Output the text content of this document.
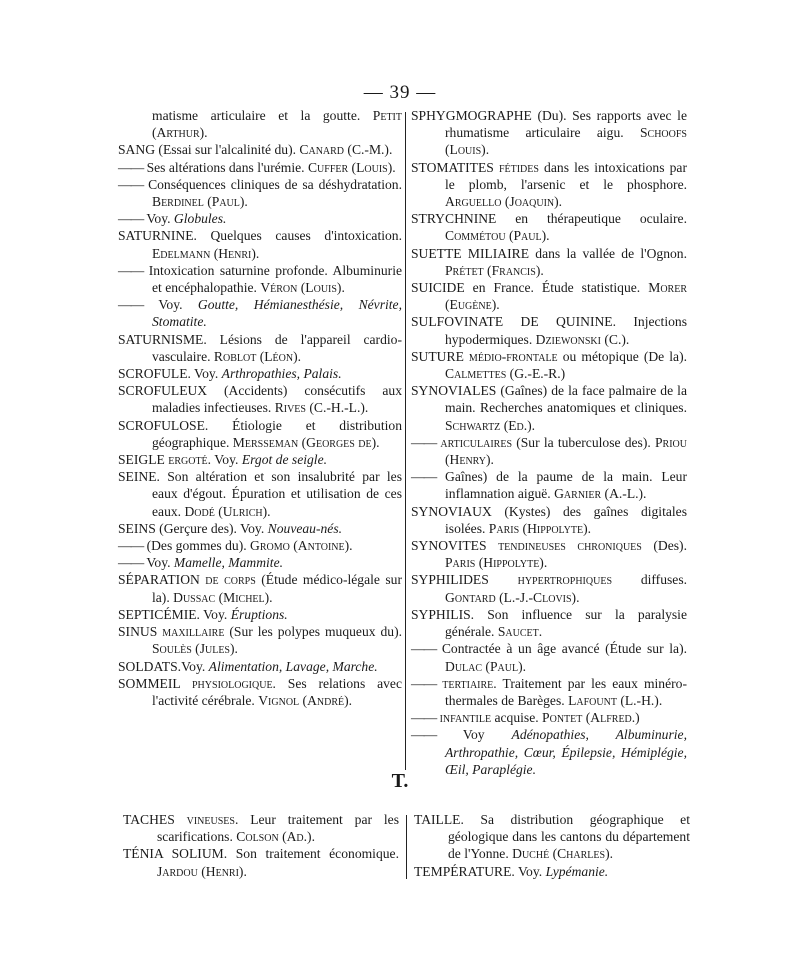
— 39 —
matisme articulaire et la goutte. Petit (Arthur).
SANG (Essai sur l'alcalinité du). Canard (C.-M.).
—— Ses altérations dans l'urémie. Cuffer (Louis).
—— Conséquences cliniques de sa déshydratation. Berdinel (Paul).
—— Voy. Globules.
SATURNINE. Quelques causes d'intoxication. Edelmann (Henri).
—— Intoxication saturnine profonde. Albuminurie et encéphalopathie. Véron (Louis).
—— Voy. Goutte, Hémianesthésie, Névrite, Stomatite.
SATURNISME. Lésions de l'appareil cardio-vasculaire. Roblot (Léon).
SCROFULE. Voy. Arthropathies, Palais.
SCROFULEUX (Accidents) consécutifs aux maladies infectieuses. Rives (C.-H.-L.).
SCROFULOSE. Étiologie et distribution géographique. Mersseman (Georges de).
SEIGLE ergoté. Voy. Ergot de seigle.
SEINE. Son altération et son insalubrité par les eaux d'égout. Épuration et utilisation de ces eaux. Dodé (Ulrich).
SEINS (Gerçure des). Voy. Nouveau-nés.
—— (Des gommes du). Gromo (Antoine).
—— Voy. Mamelle, Mammite.
SÉPARATION de corps (Étude médico-légale sur la). Dussac (Michel).
SEPTICÉMIE. Voy. Éruptions.
SINUS maxillaire (Sur les polypes muqueux du). Soulès (Jules).
SOLDATS.Voy. Alimentation, Lavage, Marche.
SOMMEIL physiologique. Ses relations avec l'activité cérébrale. Vignol (André).
SPHYGMOGRAPHE (Du). Ses rapports avec le rhumatisme articulaire aigu. Schoofs (Louis).
STOMATITES fétides dans les intoxications par le plomb, l'arsenic et le phosphore. Arguello (Joaquin).
STRYCHNINE en thérapeutique oculaire. Commétou (Paul).
SUETTE MILIAIRE dans la vallée de l'Ognon. Prétet (Francis).
SUICIDE en France. Étude statistique. Morer (Eugène).
SULFOVINATE DE QUININE. Injections hypodermiques. Dziewonski (C.).
SUTURE médio-frontale ou métopique (De la). Calmettes (G.-E.-R.)
SYNOVIALES (Gaînes) de la face palmaire de la main. Recherches anatomiques et cliniques. Schwartz (Ed.).
—— articulaires (Sur la tuberculose des). Priou (Henry).
—— Gaînes) de la paume de la main. Leur inflamnation aiguë. Garnier (A.-L.).
SYNOVIAUX (Kystes) des gaînes digitales isolées. Paris (Hippolyte).
SYNOVITES tendineuses chroniques (Des). Paris (Hippolyte).
SYPHILIDES hypertrophiques diffuses. Gontard (L.-J.-Clovis).
SYPHILIS. Son influence sur la paralysie générale. Saucet.
—— Contractée à un âge avancé (Étude sur la). Dulac (Paul).
—— tertiaire. Traitement par les eaux minéro-thermales de Barèges. Lafount (L.-H.).
—— infantile acquise. Pontet (Alfred.)
—— Voy Adénopathies, Albuminurie, Arthropathie, Cœur, Épilepsie, Hémiplégie, Œil, Paraplégie.
T.
TACHES vineuses. Leur traitement par les scarifications. Colson (Ad.).
TÉNIA SOLIUM. Son traitement économique. Jardou (Henri).
TAILLE. Sa distribution géographique et géologique dans les cantons du département de l'Yonne. Duché (Charles).
TEMPÉRATURE. Voy. Lypémanie.
